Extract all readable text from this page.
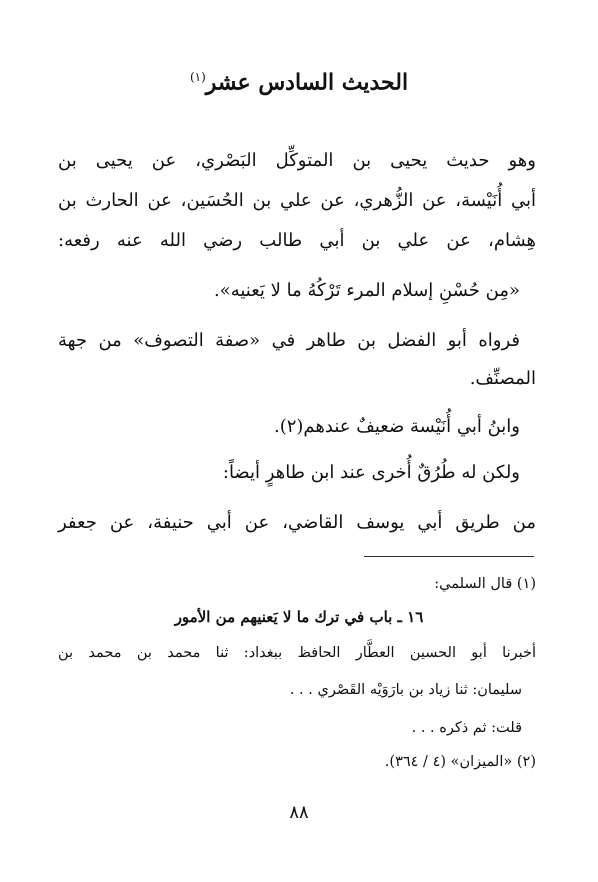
الحديث السادس عشر$^{(١)}$
وهو حديث يحيى بن المتوكِّل البَصْري، عن يحيى بن
أبي أُنَيْسة، عن الزُّهري، عن علي بن الحُسَين، عن الحارث بن
هِشام، عن علي بن أبي طالب رضي الله عنه رفعه:
«مِن حُسْنِ إسلام المرء تَرْكُهُ ما لا يَعنيه».
فرواه أبو الفضل بن طاهر في «صفة التصوف» من جهة
المصنِّف.
وابنُ أبي أُنَيْسة ضعيفٌ عندهم(٢).
ولكن له طُرُقٌ أُخرى عند ابن طاهرٍ أيضاً:
من طريق أبي يوسف القاضي، عن أبي حنيفة، عن جعفر
(١) قال السلمي:
١٦ ـ باب في ترك ما لا يَعنيهم من الأمور
أخبرنا أبو الحسين العطَّار الحافظ ببغداد: ثنا محمد بن محمد بن
سليمان: ثنا زياد بن بارَوَيْه القَصْري . . .
قلت: ثم ذكره . . .
(٢) «الميزان» (٤ / ٣٦٤).
٨٨
